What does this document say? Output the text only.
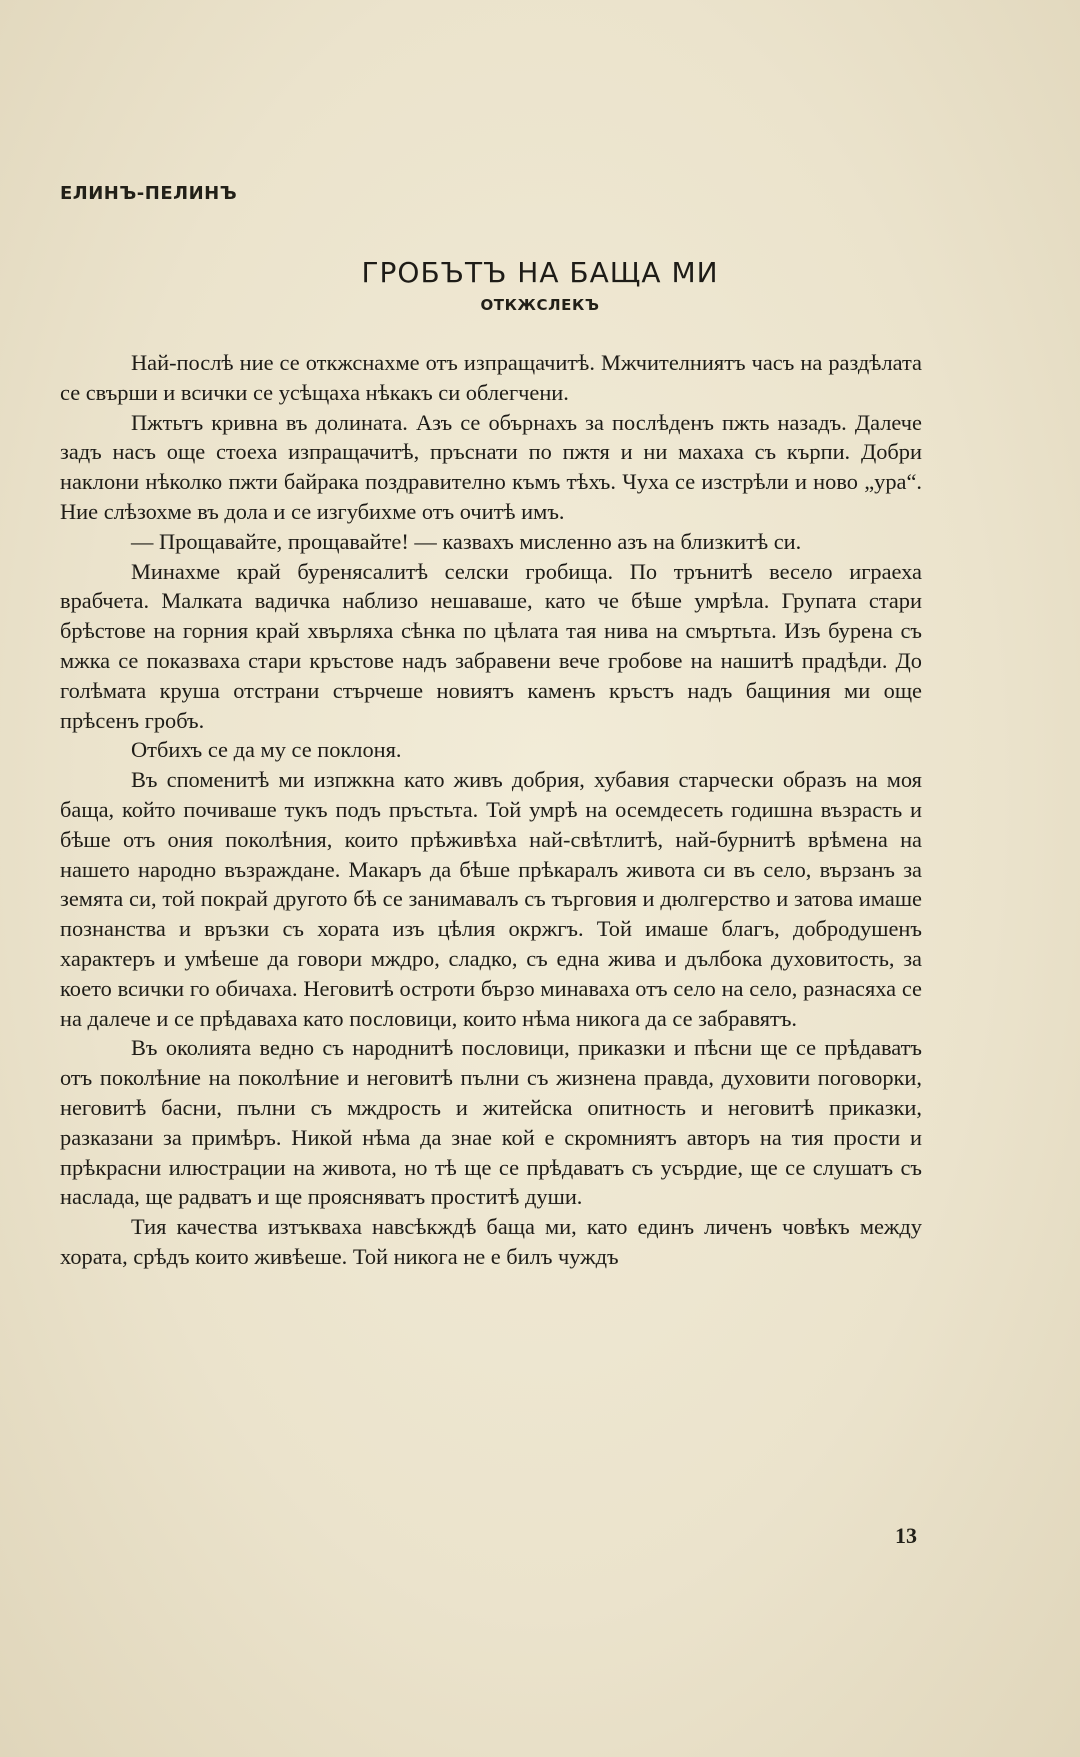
ЕЛИНЪ-ПЕЛИНЪ
ГРОБЪТЪ НА БАЩА МИ
ОТКЖСЛЕКЪ

Най-послѣ ние се откжснахме отъ изпращачитѣ. Мжчителниятъ часъ на раздѣлата се свърши и всички се усѣщаха нѣкакъ си облегчени.

Пжтьтъ кривна въ долината. Азъ се обърнахъ за послѣденъ пжть назадъ. Далече задъ насъ още стоеха изпращачитѣ, пръснати по пжтя и ни махаха съ кърпи. Добри наклони нѣколко пжти байрака поздравително къмъ тѣхъ. Чуха се изстрѣли и ново „ура“. Ние слѣзохме въ дола и се изгубихме отъ очитѣ имъ.

— Прощавайте, прощавайте! — казвахъ мисленно азъ на близкитѣ си.

Минахме край буренясалитѣ селски гробища. По трънитѣ весело играеха врабчета. Малката вадичка наблизо нешаваше, като че бѣше умрѣла. Групата стари брѣстове на горния край хвърляха сѣнка по цѣлата тая нива на смъртьта. Изъ бурена съ мжка се показваха стари кръстове надъ забравени вече гробове на нашитѣ прадѣди. До голѣмата круша отстрани стърчеше новиятъ каменъ кръстъ надъ бащиния ми още прѣсенъ гробъ.

Отбихъ се да му се поклоня.

Въ споменитѣ ми изпжкна като живъ добрия, хубавия старчески образъ на моя баща, който почиваше тукъ подъ пръстьта. Той умрѣ на осемдесеть годишна възрасть и бѣше отъ ония поколѣния, които прѣживѣха най-свѣтлитѣ, най-бурнитѣ врѣмена на нашето народно възраждане. Макаръ да бѣше прѣкаралъ живота си въ село, вързанъ за земята си, той покрай другото бѣ се занимавалъ съ търговия и дюлгерство и затова имаше познанства и връзки съ хората изъ цѣлия окржгъ. Той имаше благъ, добродушенъ характеръ и умѣеше да говори мждро, сладко, съ една жива и дълбока духовитость, за което всички го обичаха. Неговитѣ остроти бързо минаваха отъ село на село, разнасяха се на далече и се прѣдаваха като пословици, които нѣма никога да се забравятъ.

Въ околията ведно съ народнитѣ пословици, приказки и пѣсни ще се прѣдаватъ отъ поколѣние на поколѣние и неговитѣ пълни съ жизнена правда, духовити поговорки, неговитѣ басни, пълни съ мждрость и житейска опитность и неговитѣ приказки, разказани за примѣръ. Никой нѣма да знае кой е скромниятъ авторъ на тия прости и прѣкрасни илюстрации на живота, но тѣ ще се прѣдаватъ съ усърдие, ще се слушатъ съ наслада, ще радватъ и ще проясняватъ проститѣ души.

Тия качества изтъкваха навсѣкждѣ баща ми, като единъ личенъ човѣкъ между хората, срѣдъ които живѣеше. Той никога не е билъ чуждъ

13
